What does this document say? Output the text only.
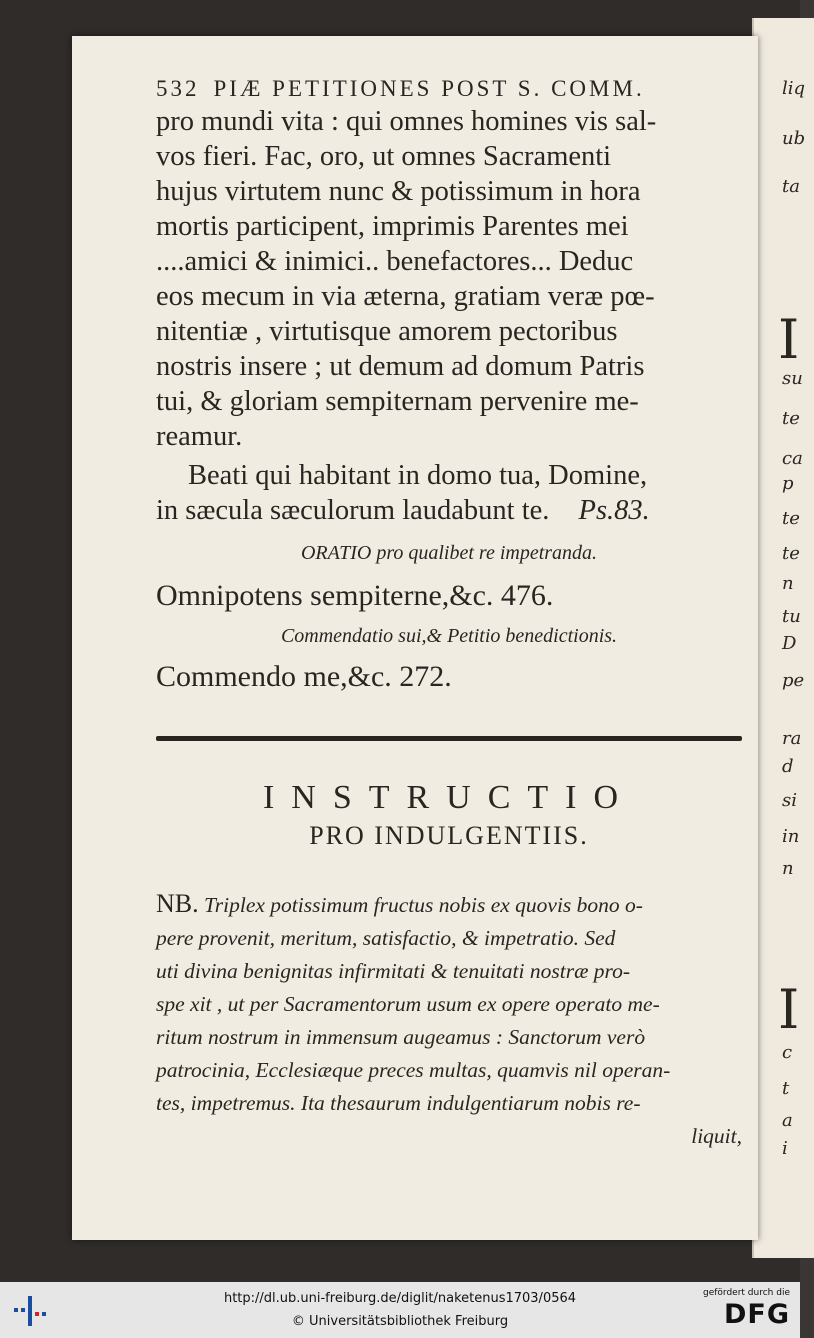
liq
ub
ta
I
su
te
ca
p
te
te
n
tu
D
pe
ra
d
si
in
n
I
c
t
a
i
532 PIÆ PETITIONES POST S. COMM.
pro mundi vita : qui omnes homines vis sal-
vos fieri. Fac, oro, ut omnes Sacramenti
hujus virtutem nunc & potissimum in hora
mortis participent, imprimis Parentes mei
....amici & inimici.. benefactores... Deduc
eos mecum in via æterna, gratiam veræ pœ-
nitentiæ , virtutisque amorem pectoribus
nostris insere ; ut demum ad domum Patris
tui, & gloriam sempiternam pervenire me-
reamur.
Beati qui habitant in domo tua, Domine,
in sæcula sæculorum laudabunt te. Ps.83.
ORATIO pro qualibet re impetranda.
Omnipotens sempiterne,&c. 476.
Commendatio sui,& Petitio benedictionis.
Commendo me,&c. 272.
INSTRUCTIO
PRO INDULGENTIIS.
NB. Triplex potissimum fructus nobis ex quovis bono o-
pere provenit, meritum, satisfactio, & impetratio. Sed
uti divina benignitas infirmitati & tenuitati nostræ pro-
spe xit , ut per Sacramentorum usum ex opere operato me-
ritum nostrum in immensum augeamus : Sanctorum verò
patrocinia, Ecclesiæque preces multas, quamvis nil operan-
tes, impetremus. Ita thesaurum indulgentiarum nobis re-
liquit,
http://dl.ub.uni-freiburg.de/diglit/naketenus1703/0564
© Universitätsbibliothek Freiburg
gefördert durch die
DFG
